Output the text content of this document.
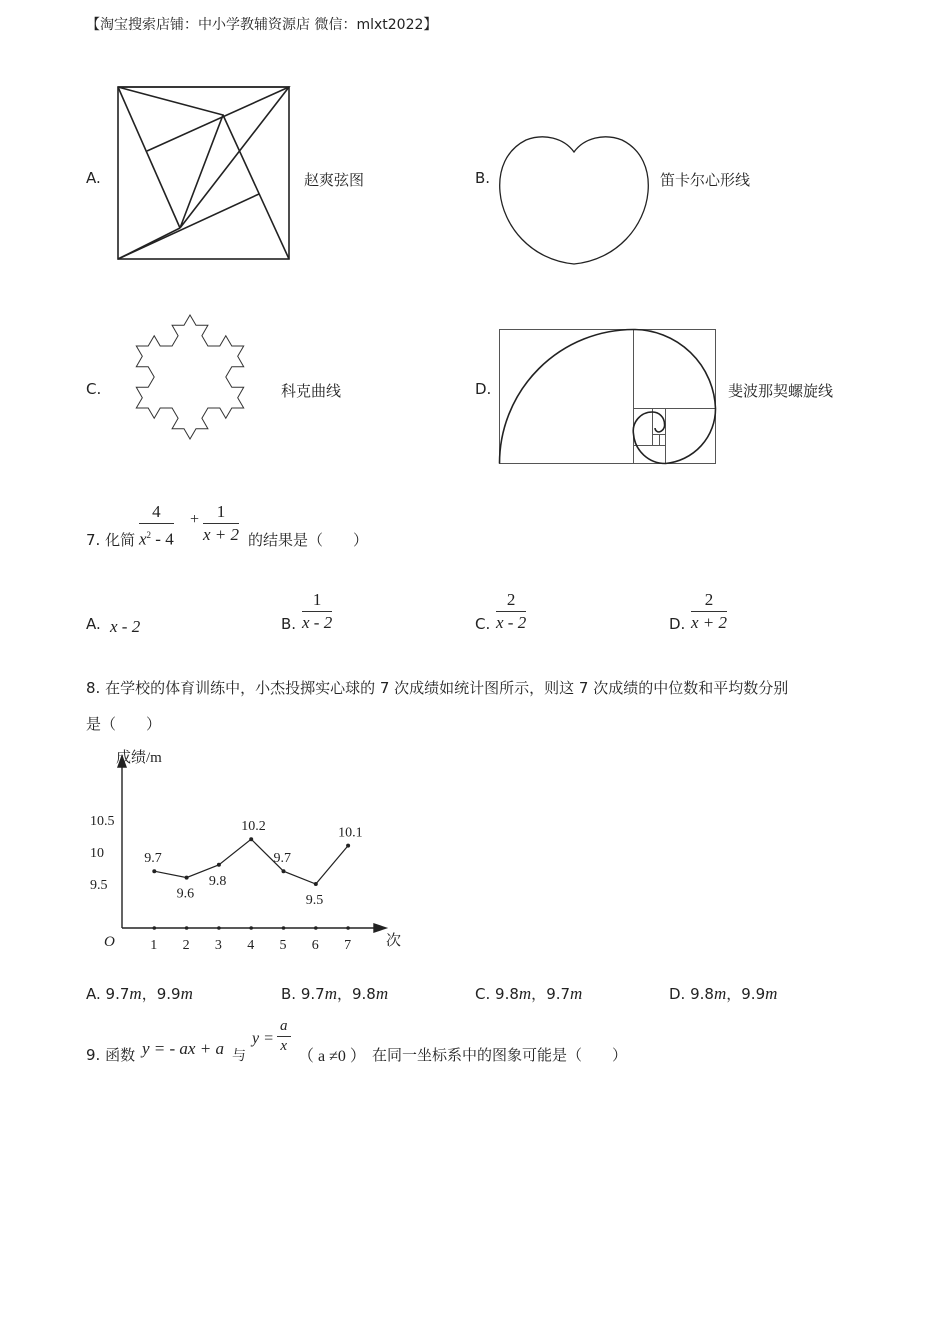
【淘宝搜索店铺：中小学教辅资源店 微信：mlxt2022】
A.	赵爽弦图	B.	笛卡尔心形线
C.	科克曲线	D.	斐波那契螺旋线
7. 化简 $\frac{4}{x^2 - 4} + \frac{1}{x + 2}$ 的结果是（　　）
A. x - 2	B. $\frac{1}{x - 2}$	C. $\frac{2}{x - 2}$	D. $\frac{2}{x + 2}$
8. 在学校的体育训练中，小杰投掷实心球的 7 次成绩如统计图所示，则这 7 次成绩的中位数和平均数分别
是（　　）
成绩/m
次
O
9.5
10
10.5
1 2 3 4 5 6 7
9.7
9.6
9.8
10.2
9.7
9.5
10.1
A. 9.7m，9.9m	B. 9.7m，9.8m	C. 9.8m，9.7m	D. 9.8m，9.9m
9. 函数 y = - ax + a 与
$y = \frac{a}{x}$
（ a ≠0 ） 在同一坐标系中的图象可能是（　　）
